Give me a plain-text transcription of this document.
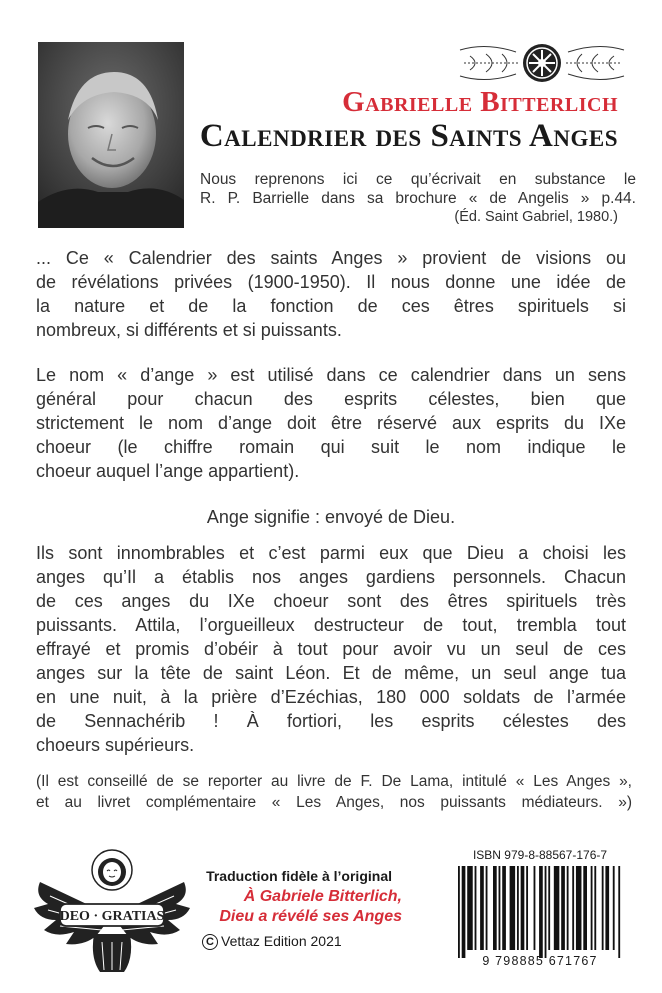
Gabrielle Bitterlich
Calendrier des Saints Anges
Nous reprenons ici ce qu’écrivait en substance le
R. P. Barrielle dans sa brochure « de Angelis » p.44.
(Éd. Saint Gabriel, 1980.)
... Ce « Calendrier des saints Anges » provient de visions ou
de révélations privées (1900-1950). Il nous donne une idée de
la nature et de la fonction de ces êtres spirituels si
nombreux, si différents et si puissants.
Le nom « d’ange » est utilisé dans ce calendrier dans un sens
général pour chacun des esprits célestes, bien que
strictement le nom d’ange doit être réservé aux esprits du IXe
choeur (le chiffre romain qui suit le nom indique le
choeur auquel l’ange appartient).
Ange signifie : envoyé de Dieu.
Ils sont innombrables et c’est parmi eux que Dieu a choisi les
anges qu’Il a établis nos anges gardiens personnels. Chacun
de ces anges du IXe choeur sont des êtres spirituels très
puissants. Attila, l’orgueilleux destructeur de tout, trembla tout
effrayé et promis d’obéir à tout pour avoir vu un seul de ces
anges sur la tête de saint Léon. Et de même, un seul ange tua
en une nuit, à la prière d’Ezéchias, 180 000 soldats de l’armée
de Sennachérib ! À fortiori, les esprits célestes des
choeurs supérieurs.
(Il est conseillé de se reporter au livre de F. De Lama, intitulé « Les Anges »,
et au livret complémentaire « Les Anges, nos puissants médiateurs. »)
DEO · GRATIAS
Traduction fidèle à l’original
À Gabriele Bitterlich,
Dieu a révélé ses Anges
C Vettaz Edition 2021
ISBN 979-8-88567-176-7
9 798885 671767
